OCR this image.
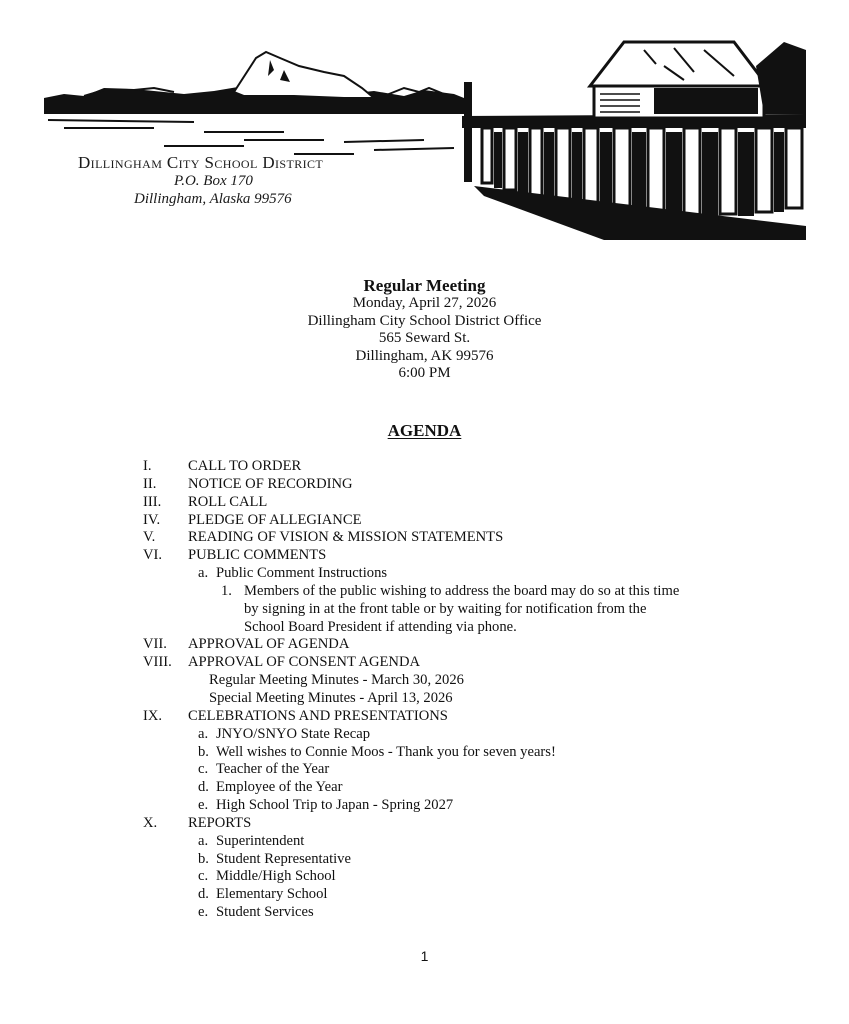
Dillingham City School District
P.O. Box 170
Dillingham, Alaska 99576
Regular Meeting
Monday, April 27, 2026
Dillingham City School District Office
565 Seward St.
Dillingham, AK 99576
6:00 PM
AGENDA
I. CALL TO ORDER
II. NOTICE OF RECORDING
III. ROLL CALL
IV. PLEDGE OF ALLEGIANCE
V. READING OF VISION & MISSION STATEMENTS
VI. PUBLIC COMMENTS
a. Public Comment Instructions
1. Members of the public wishing to address the board may do so at this time
by signing in at the front table or by waiting for notification from the
School Board President if attending via phone.
VII. APPROVAL OF AGENDA
VIII. APPROVAL OF CONSENT AGENDA
Regular Meeting Minutes - March 30, 2026
Special Meeting Minutes - April 13, 2026
IX. CELEBRATIONS AND PRESENTATIONS
a. JNYO/SNYO State Recap
b. Well wishes to Connie Moos - Thank you for seven years!
c. Teacher of the Year
d. Employee of the Year
e. High School Trip to Japan - Spring 2027
X. REPORTS
a. Superintendent
b. Student Representative
c. Middle/High School
d. Elementary School
e. Student Services
1
